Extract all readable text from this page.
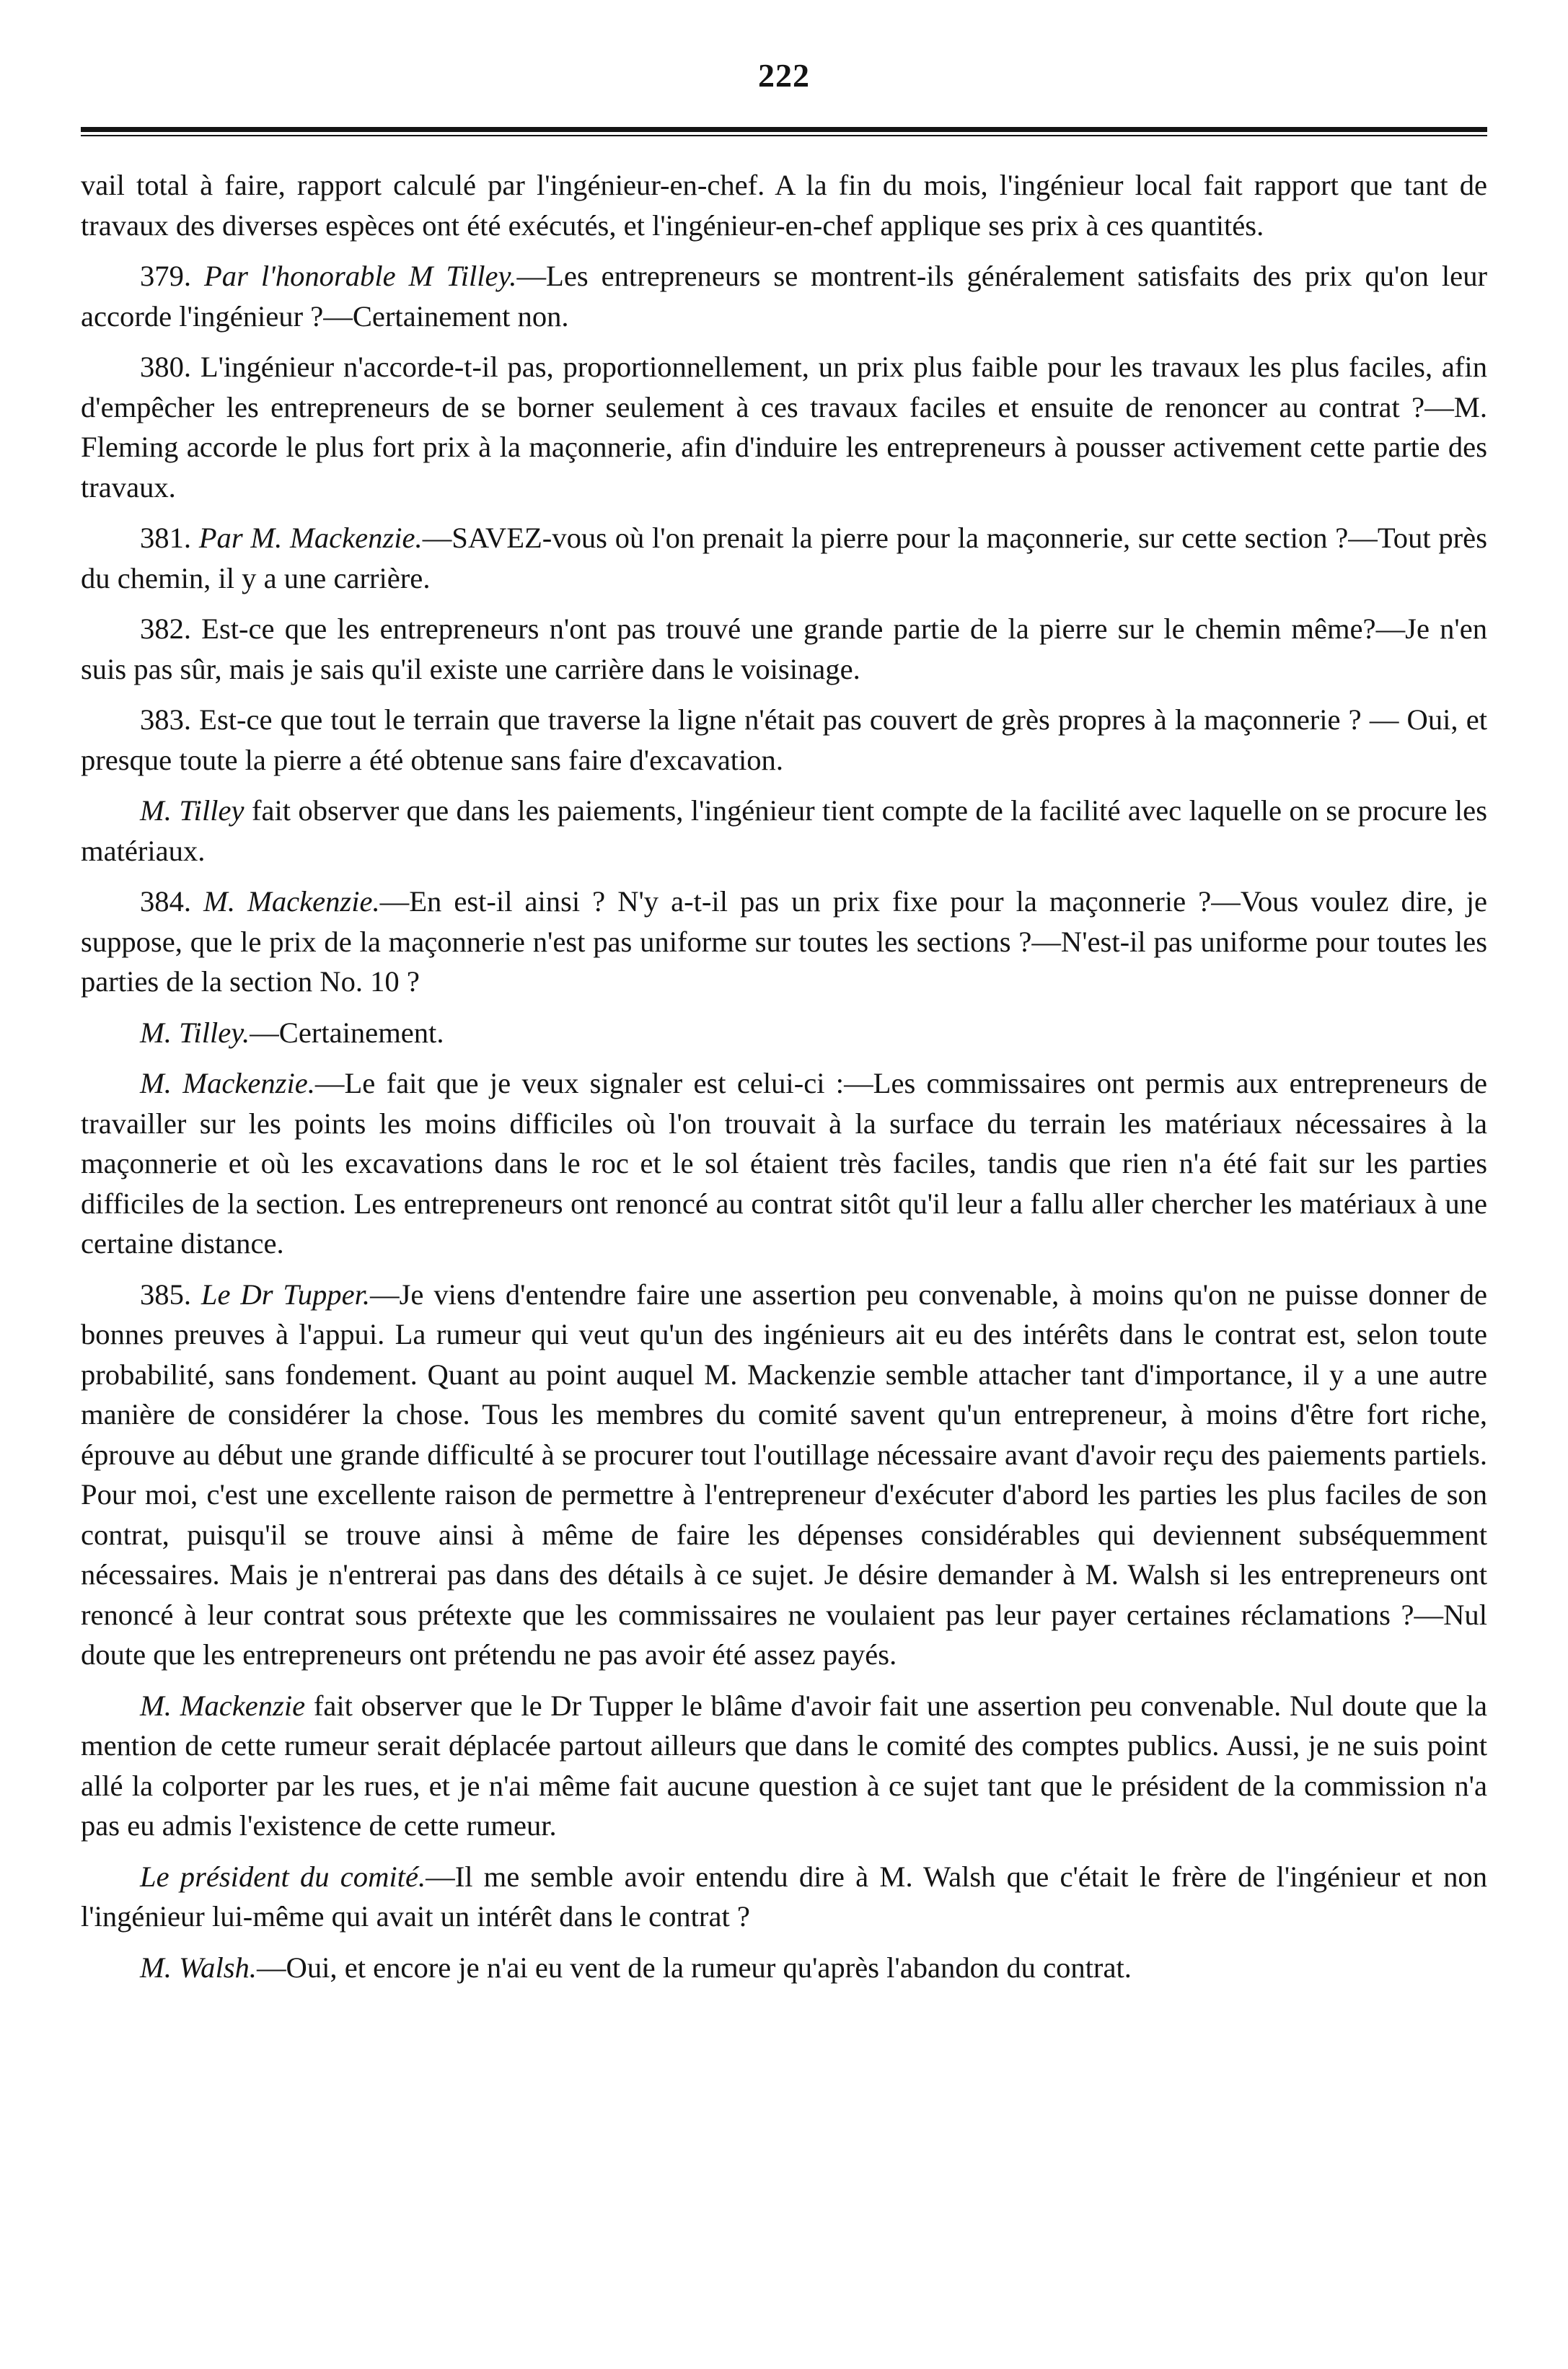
222

vail total à faire, rapport calculé par l'ingénieur-en-chef. A la fin du mois, l'ingénieur local fait rapport que tant de travaux des diverses espèces ont été exécutés, et l'ingénieur-en-chef applique ses prix à ces quantités.

379. Par l'honorable M Tilley.—Les entrepreneurs se montrent-ils généralement satisfaits des prix qu'on leur accorde l'ingénieur ?—Certainement non.

380. L'ingénieur n'accorde-t-il pas, proportionnellement, un prix plus faible pour les travaux les plus faciles, afin d'empêcher les entrepreneurs de se borner seulement à ces travaux faciles et ensuite de renoncer au contrat ?—M. Fleming accorde le plus fort prix à la maçonnerie, afin d'induire les entrepreneurs à pousser activement cette partie des travaux.

381. Par M. Mackenzie.—SAVEZ-vous où l'on prenait la pierre pour la maçonnerie, sur cette section ?—Tout près du chemin, il y a une carrière.

382. Est-ce que les entrepreneurs n'ont pas trouvé une grande partie de la pierre sur le chemin même?—Je n'en suis pas sûr, mais je sais qu'il existe une carrière dans le voisinage.

383. Est-ce que tout le terrain que traverse la ligne n'était pas couvert de grès propres à la maçonnerie ? — Oui, et presque toute la pierre a été obtenue sans faire d'excavation.

M. Tilley fait observer que dans les paiements, l'ingénieur tient compte de la facilité avec laquelle on se procure les matériaux.

384. M. Mackenzie.—En est-il ainsi ? N'y a-t-il pas un prix fixe pour la maçonnerie ?—Vous voulez dire, je suppose, que le prix de la maçonnerie n'est pas uniforme sur toutes les sections ?—N'est-il pas uniforme pour toutes les parties de la section No. 10 ?

M. Tilley.—Certainement.

M. Mackenzie.—Le fait que je veux signaler est celui-ci :—Les commissaires ont permis aux entrepreneurs de travailler sur les points les moins difficiles où l'on trouvait à la surface du terrain les matériaux nécessaires à la maçonnerie et où les excavations dans le roc et le sol étaient très faciles, tandis que rien n'a été fait sur les parties difficiles de la section. Les entrepreneurs ont renoncé au contrat sitôt qu'il leur a fallu aller chercher les matériaux à une certaine distance.

385. Le Dr Tupper.—Je viens d'entendre faire une assertion peu convenable, à moins qu'on ne puisse donner de bonnes preuves à l'appui. La rumeur qui veut qu'un des ingénieurs ait eu des intérêts dans le contrat est, selon toute probabilité, sans fondement. Quant au point auquel M. Mackenzie semble attacher tant d'importance, il y a une autre manière de considérer la chose. Tous les membres du comité savent qu'un entrepreneur, à moins d'être fort riche, éprouve au début une grande difficulté à se procurer tout l'outillage nécessaire avant d'avoir reçu des paiements partiels. Pour moi, c'est une excellente raison de permettre à l'entrepreneur d'exécuter d'abord les parties les plus faciles de son contrat, puisqu'il se trouve ainsi à même de faire les dépenses considérables qui deviennent subséquemment nécessaires. Mais je n'entrerai pas dans des détails à ce sujet. Je désire demander à M. Walsh si les entrepreneurs ont renoncé à leur contrat sous prétexte que les commissaires ne voulaient pas leur payer certaines réclamations ?—Nul doute que les entrepreneurs ont prétendu ne pas avoir été assez payés.

M. Mackenzie fait observer que le Dr Tupper le blâme d'avoir fait une assertion peu convenable. Nul doute que la mention de cette rumeur serait déplacée partout ailleurs que dans le comité des comptes publics. Aussi, je ne suis point allé la colporter par les rues, et je n'ai même fait aucune question à ce sujet tant que le président de la commission n'a pas eu admis l'existence de cette rumeur.

Le président du comité.—Il me semble avoir entendu dire à M. Walsh que c'était le frère de l'ingénieur et non l'ingénieur lui-même qui avait un intérêt dans le contrat ?

M. Walsh.—Oui, et encore je n'ai eu vent de la rumeur qu'après l'abandon du contrat.
